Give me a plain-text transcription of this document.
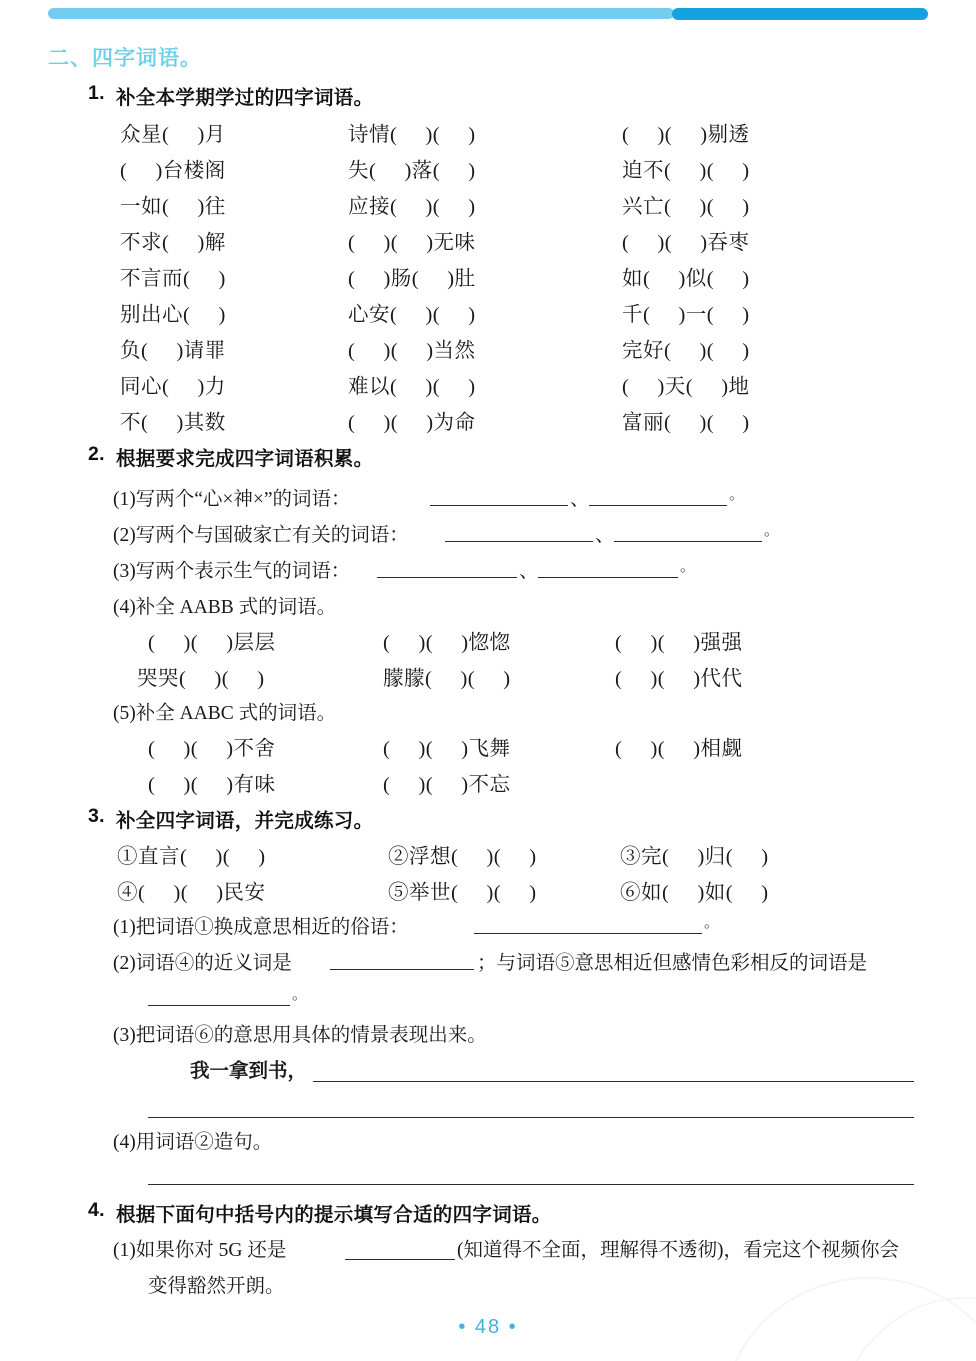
二、四字词语。
1. 补全本学期学过的四字词语。
众星(     )月	诗情(     )(     )	(     )(     )剔透
(     )台楼阁	失(     )落(     )	迫不(     )(     )
一如(     )往	应接(     )(     )	兴亡(     )(     )
不求(     )解	(     )(     )无味	(     )(     )吞枣
不言而(     )	(     )肠(     )肚	如(     )似(     )
别出心(     )	心安(     )(     )	千(     )一(     )
负(     )请罪	(     )(     )当然	完好(     )(     )
同心(     )力	难以(     )(     )	(     )天(     )地
不(     )其数	(     )(     )为命	富丽(     )(     )
2. 根据要求完成四字词语积累。
(1)写两个“心×神×”的词语：	、	。
(2)写两个与国破家亡有关的词语：	、	。
(3)写两个表示生气的词语：	、	。
(4)补全 AABB 式的词语。
(     )(     )层层	(     )(     )惚惚	(     )(     )强强
哭哭(     )(     )	朦朦(     )(     )	(     )(     )代代
(5)补全 AABC 式的词语。
(     )(     )不舍	(     )(     )飞舞	(     )(     )相觑
(     )(     )有味	(     )(     )不忘
3. 补全四字词语，并完成练习。
①直言(     )(     )	②浮想(     )(     )	③完(     )归(     )
④(     )(     )民安	⑤举世(     )(     )	⑥如(     )如(     )
(1)把词语①换成意思相近的俗语：	。
(2)词语④的近义词是	；与词语⑤意思相近但感情色彩相反的词语是
。
(3)把词语⑥的意思用具体的情景表现出来。
我一拿到书，
(4)用词语②造句。
4. 根据下面句中括号内的提示填写合适的四字词语。
(1)如果你对 5G 还是	(知道得不全面，理解得不透彻)，看完这个视频你会
变得豁然开朗。
• 48 •
